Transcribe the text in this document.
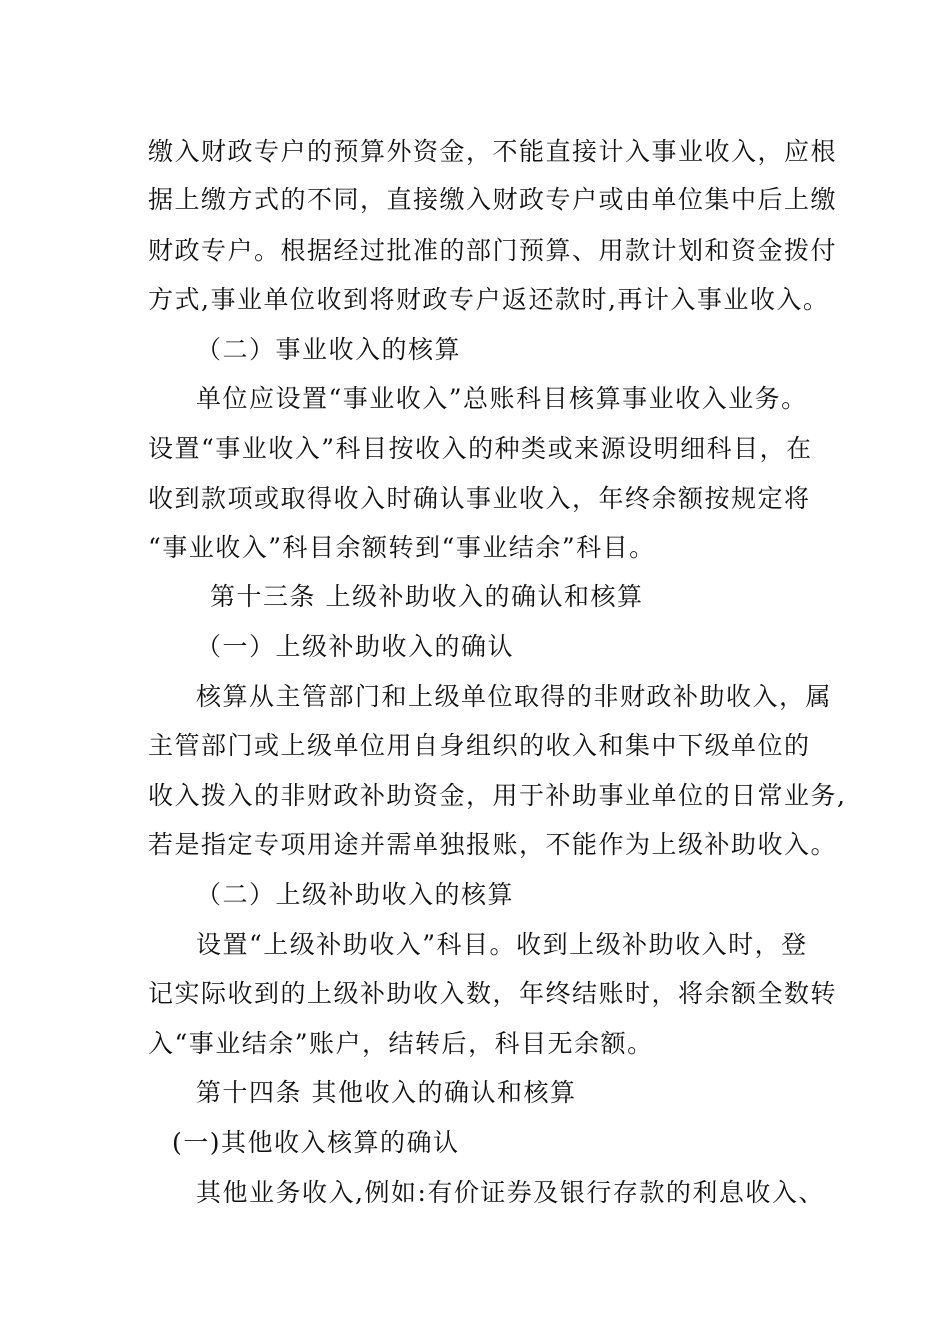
缴入财政专户的预算外资金，不能直接计入事业收入，应根
据上缴方式的不同，直接缴入财政专户或由单位集中后上缴
财政专户。根据经过批准的部门预算、用款计划和资金拨付
方式,事业单位收到将财政专户返还款时,再计入事业收入。
（二）事业收入的核算
单位应设置“事业收入”总账科目核算事业收入业务。
设置“事业收入”科目按收入的种类或来源设明细科目，在
收到款项或取得收入时确认事业收入，年终余额按规定将
“事业收入”科目余额转到“事业结余”科目。
第十三条 上级补助收入的确认和核算
（一）上级补助收入的确认
核算从主管部门和上级单位取得的非财政补助收入，属
主管部门或上级单位用自身组织的收入和集中下级单位的
收入拨入的非财政补助资金，用于补助事业单位的日常业务,
若是指定专项用途并需单独报账，不能作为上级补助收入。
（二）上级补助收入的核算
设置“上级补助收入”科目。收到上级补助收入时，登
记实际收到的上级补助收入数，年终结账时，将余额全数转
入“事业结余”账户，结转后，科目无余额。
第十四条 其他收入的确认和核算
(一)其他收入核算的确认
其他业务收入,例如:有价证券及银行存款的利息收入、
